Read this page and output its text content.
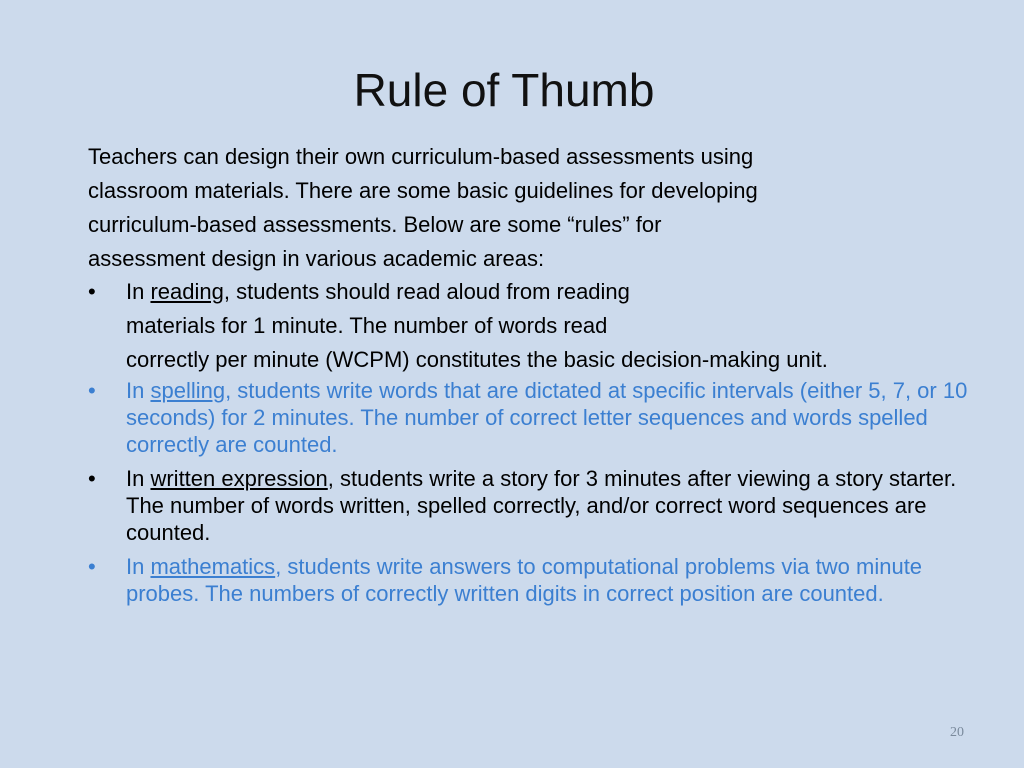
Rule of Thumb

Teachers can design their own curriculum-based assessments using
classroom materials. There are some basic guidelines for developing
curriculum-based assessments. Below are some “rules” for
assessment design in various academic areas:

•	In reading, students should read aloud from reading
materials for 1 minute. The number of words read
correctly per minute (WCPM) constitutes the basic decision-making unit.
•	In spelling, students write words that are dictated at specific intervals (either 5, 7, or 10 seconds) for 2 minutes. The number of correct letter sequences and words spelled correctly are counted.
•	In written expression, students write a story for 3 minutes after viewing a story starter. The number of words written, spelled correctly, and/or correct word sequences are counted.
•	In mathematics, students write answers to computational problems via two minute probes. The numbers of correctly written digits in correct position are counted.
20
